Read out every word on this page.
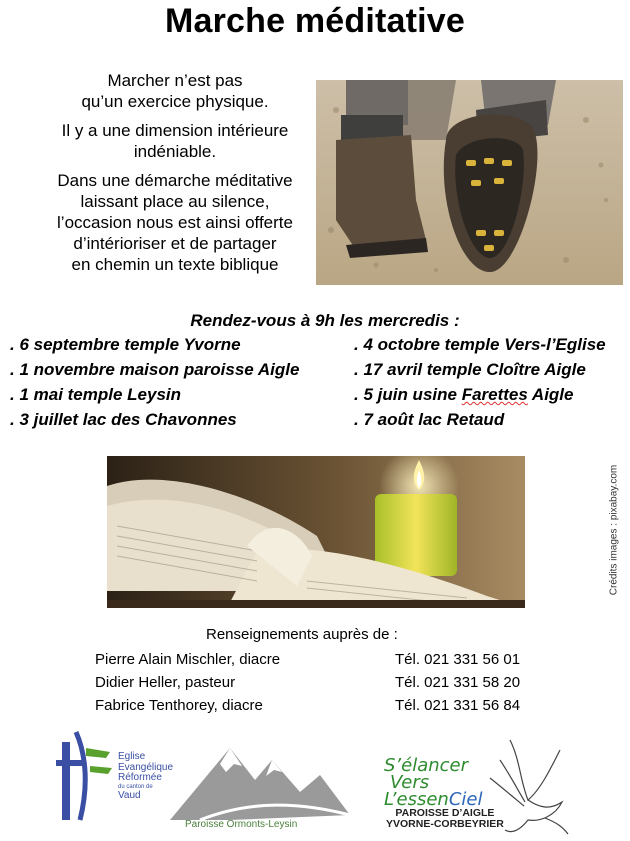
Marche méditative

Marcher n’est pas
qu’un exercice physique.

Il y a une dimension intérieure
indéniable.

Dans une démarche méditative
laissant place au silence,
l’occasion nous est ainsi offerte
d’intérioriser et de partager
en chemin un texte biblique

Rendez-vous à 9h les mercredis :
. 6 septembre temple Yvorne	. 4 octobre temple Vers-l’Eglise
. 1 novembre maison paroisse Aigle	. 17 avril temple Cloître Aigle
. 1 mai temple Leysin	. 5 juin usine Farettes Aigle
. 3 juillet lac des Chavonnes	. 7 août lac Retaud
Crédits images : pixabay.com
Renseignements auprès de :
Pierre Alain Mischler, diacre	Tél. 021 331 56 01
Didier Heller, pasteur	Tél. 021 331 58 20
Fabrice Tenthorey, diacre	Tél. 021 331 56 84
Eglise
Evangélique
Réformée
du canton de
Vaud
Paroisse Ormonts-Leysin
S’élancer
Vers
L’essenCiel
PAROISSE D’AIGLE
YVORNE-CORBEYRIER
